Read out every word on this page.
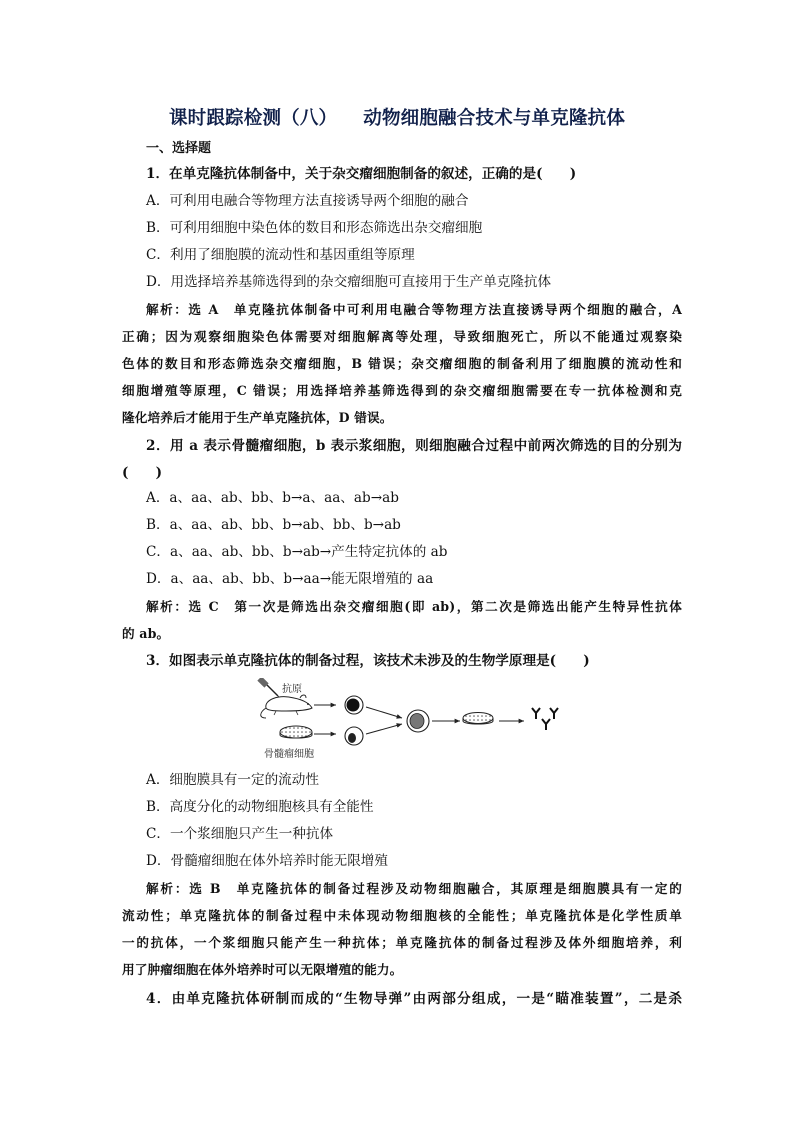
课时跟踪检测（八） 动物细胞融合技术与单克隆抗体
一、选择题
1．在单克隆抗体制备中，关于杂交瘤细胞制备的叙述，正确的是(　　)
A．可利用电融合等物理方法直接诱导两个细胞的融合
B．可利用细胞中染色体的数目和形态筛选出杂交瘤细胞
C．利用了细胞膜的流动性和基因重组等原理
D．用选择培养基筛选得到的杂交瘤细胞可直接用于生产单克隆抗体
解析：选 A　单克隆抗体制备中可利用电融合等物理方法直接诱导两个细胞的融合，A
正确；因为观察细胞染色体需要对细胞解离等处理，导致细胞死亡，所以不能通过观察染
色体的数目和形态筛选杂交瘤细胞，B 错误；杂交瘤细胞的制备利用了细胞膜的流动性和
细胞增殖等原理，C 错误；用选择培养基筛选得到的杂交瘤细胞需要在专一抗体检测和克
隆化培养后才能用于生产单克隆抗体，D 错误。
2．用 a 表示骨髓瘤细胞，b 表示浆细胞，则细胞融合过程中前两次筛选的目的分别为
(　　)
A．a、aa、ab、bb、b→a、aa、ab→ab
B．a、aa、ab、bb、b→ab、bb、b→ab
C．a、aa、ab、bb、b→ab→产生特定抗体的 ab
D．a、aa、ab、bb、b→aa→能无限增殖的 aa
解析：选 C　第一次是筛选出杂交瘤细胞(即 ab)，第二次是筛选出能产生特异性抗体
的 ab。
3．如图表示单克隆抗体的制备过程，该技术未涉及的生物学原理是(　　)
抗原
骨髓瘤细胞
A．细胞膜具有一定的流动性
B．高度分化的动物细胞核具有全能性
C．一个浆细胞只产生一种抗体
D．骨髓瘤细胞在体外培养时能无限增殖
解析：选 B　单克隆抗体的制备过程涉及动物细胞融合，其原理是细胞膜具有一定的
流动性；单克隆抗体的制备过程中未体现动物细胞核的全能性；单克隆抗体是化学性质单
一的抗体，一个浆细胞只能产生一种抗体；单克隆抗体的制备过程涉及体外细胞培养，利
用了肿瘤细胞在体外培养时可以无限增殖的能力。
4．由单克隆抗体研制而成的“生物导弹”由两部分组成，一是“瞄准装置”，二是杀
